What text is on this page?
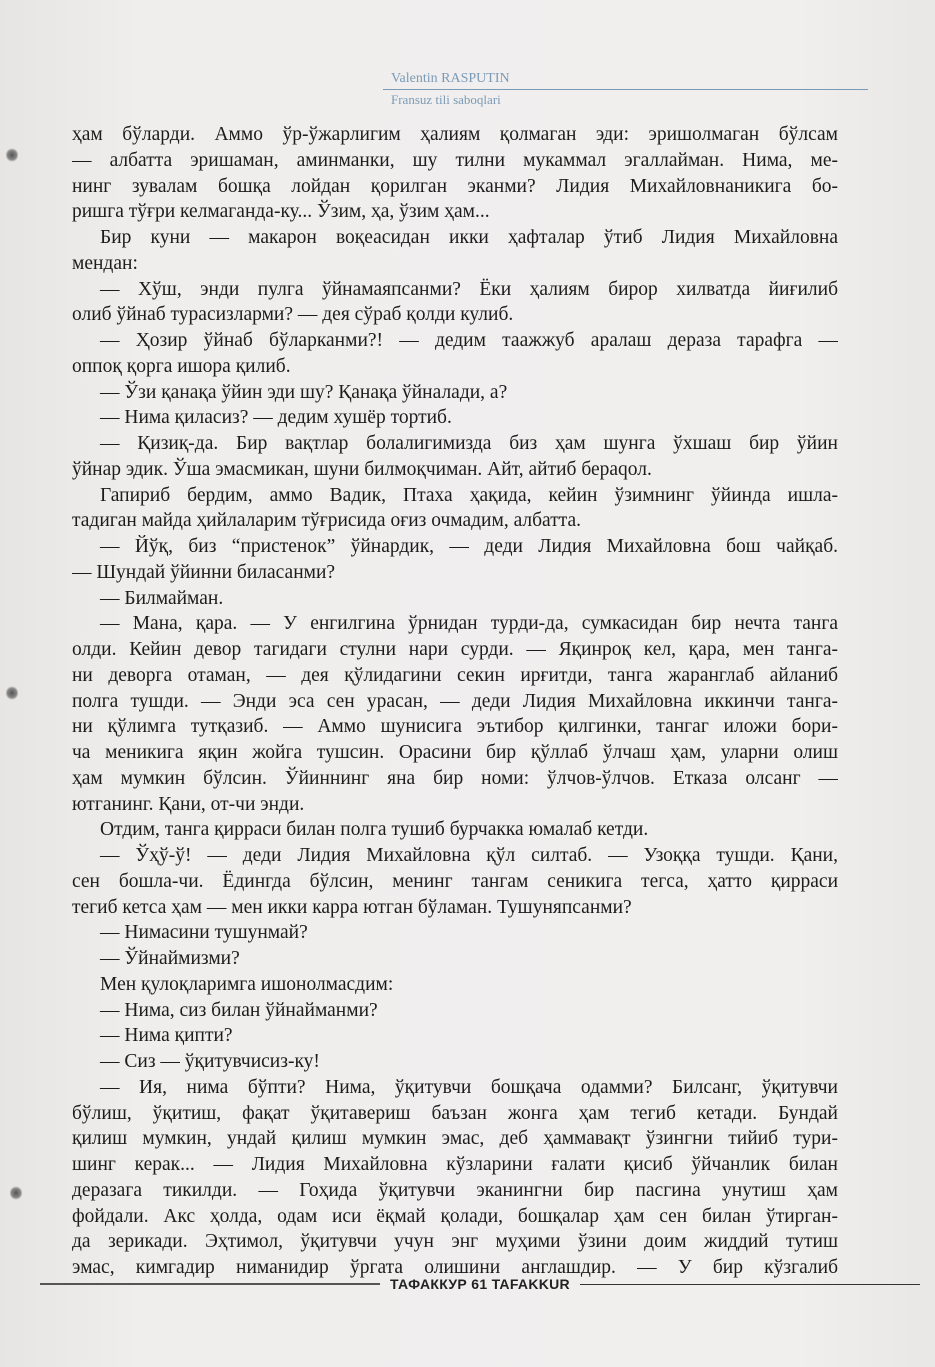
Valentin RASPUTIN
Fransuz tili saboqlari
ҳам бўларди. Аммо ўр-ўжарлигим ҳалиям қолмаган эди: эришолмаган бўлсам
— албатта эришаман, аминманки, шу тилни мукаммал эгаллайман. Нима, ме-
нинг зувалам бошқа лойдан қорилган эканми? Лидия Михайловнаникига бо-
ришга тўғри келмаганда-ку... Ўзим, ҳа, ўзим ҳам...
Бир куни — макарон воқеасидан икки ҳафталар ўтиб Лидия Михайловна
мендан:
— Хўш, энди пулга ўйнамаяпсанми? Ёки ҳалиям бирор хилватда йиғилиб
олиб ўйнаб турасизларми? — дея сўраб қолди кулиб.
— Ҳозир ўйнаб бўларканми?! — дедим таажжуб аралаш дераза тарафга —
оппоқ қорга ишора қилиб.
— Ўзи қанақа ўйин эди шу? Қанақа ўйналади, а?
— Нима қиласиз? — дедим хушёр тортиб.
— Қизиқ-да. Бир вақтлар болалигимизда биз ҳам шунга ўхшаш бир ўйин
ўйнар эдик. Ўша эмасмикан, шуни билмоқчиман. Айт, айтиб бераqол.
Гапириб бердим, аммо Вадик, Птаха ҳақида, кейин ўзимнинг ўйинда ишла-
тадиган майда ҳийлаларим тўғрисида оғиз очмадим, албатта.
— Йўқ, биз “пристенок” ўйнардик, — деди Лидия Михайловна бош чайқаб.
— Шундай ўйинни биласанми?
— Билмайман.
— Мана, қара. — У енгилгина ўрнидан турди-да, сумкасидан бир нечта танга
олди. Кейин девор тагидаги стулни нари сурди. — Яқинроқ кел, қара, мен танга-
ни деворга отаман, — дея қўлидагини секин ирғитди, танга жаранглаб айланиб
полга тушди. — Энди эса сен урасан, — деди Лидия Михайловна иккинчи танга-
ни қўлимга тутқазиб. — Аммо шунисига эътибор қилгинки, тангаг иложи бори-
ча меникига яқин жойга тушсин. Орасини бир қўллаб ўлчаш ҳам, уларни олиш
ҳам мумкин бўлсин. Ўйиннинг яна бир номи: ўлчов-ўлчов. Етказа олсанг —
ютганинг. Қани, от-чи энди.
Отдим, танга қирраси билан полга тушиб бурчакка юмалаб кетди.
— Ўҳў-ў! — деди Лидия Михайловна қўл силтаб. — Узоққа тушди. Қани,
сен бошла-чи. Ёдингда бўлсин, менинг тангам сеникига тегса, ҳатто қирраси
тегиб кетса ҳам — мен икки карра ютган бўламан. Тушуняпсанми?
— Нимасини тушунмай?
— Ўйнаймизми?
Мен қулоқларимга ишонолмасдим:
— Нима, сиз билан ўйнайманми?
— Нима қипти?
— Сиз — ўқитувчисиз-ку!
— Ия, нима бўпти? Нима, ўқитувчи бошқача одамми? Билсанг, ўқитувчи
бўлиш, ўқитиш, фақат ўқитавериш баъзан жонга ҳам тегиб кетади. Бундай
қилиш мумкин, ундай қилиш мумкин эмас, деб ҳаммавақт ўзингни тийиб тури-
шинг керак... — Лидия Михайловна кўзларини ғалати қисиб ўйчанлик билан
деразага тикилди. — Гоҳида ўқитувчи эканингни бир пасгина унутиш ҳам
фойдали. Акс ҳолда, одам иси ёқмай қолади, бошқалар ҳам сен билан ўтирган-
да зерикади. Эҳтимол, ўқитувчи учун энг муҳими ўзини доим жиддий тутиш
эмас, кимгадир ниманидир ўргата олишини англашдир. — У бир кўзгалиб
ТАФАККУР 61 TAFAKKUR
